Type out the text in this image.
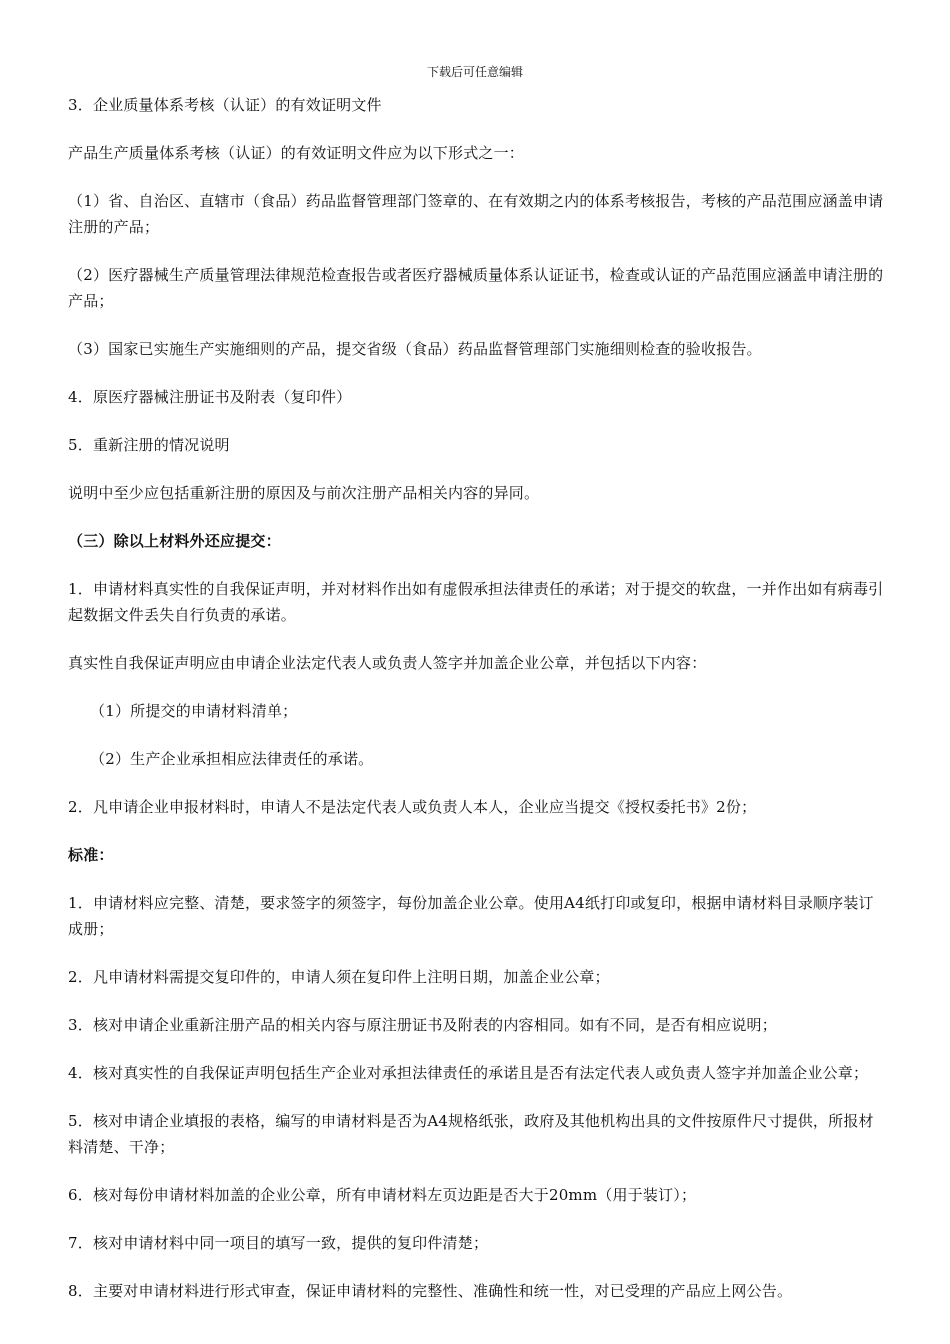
下载后可任意编辑

3．企业质量体系考核（认证）的有效证明文件

产品生产质量体系考核（认证）的有效证明文件应为以下形式之一：

（1）省、自治区、直辖市（食品）药品监督管理部门签章的、在有效期之内的体系考核报告，考核的产品范围应涵盖申请注册的产品；

（2）医疗器械生产质量管理法律规范检查报告或者医疗器械质量体系认证证书，检查或认证的产品范围应涵盖申请注册的产品；

（3）国家已实施生产实施细则的产品，提交省级（食品）药品监督管理部门实施细则检查的验收报告。

4．原医疗器械注册证书及附表（复印件）

5．重新注册的情况说明

说明中至少应包括重新注册的原因及与前次注册产品相关内容的异同。

（三）除以上材料外还应提交：

1．申请材料真实性的自我保证声明，并对材料作出如有虚假承担法律责任的承诺；对于提交的软盘，一并作出如有病毒引起数据文件丢失自行负责的承诺。

真实性自我保证声明应由申请企业法定代表人或负责人签字并加盖企业公章，并包括以下内容：

（1）所提交的申请材料清单；

（2）生产企业承担相应法律责任的承诺。

2．凡申请企业申报材料时，申请人不是法定代表人或负责人本人，企业应当提交《授权委托书》2份；

标准：

1．申请材料应完整、清楚，要求签字的须签字，每份加盖企业公章。使用A4纸打印或复印，根据申请材料目录顺序装订成册；

2．凡申请材料需提交复印件的，申请人须在复印件上注明日期，加盖企业公章；

3．核对申请企业重新注册产品的相关内容与原注册证书及附表的内容相同。如有不同，是否有相应说明；

4．核对真实性的自我保证声明包括生产企业对承担法律责任的承诺且是否有法定代表人或负责人签字并加盖企业公章；

5．核对申请企业填报的表格，编写的申请材料是否为A4规格纸张，政府及其他机构出具的文件按原件尺寸提供，所报材料清楚、干净；

6．核对每份申请材料加盖的企业公章，所有申请材料左页边距是否大于20mm（用于装订）；

7．核对申请材料中同一项目的填写一致，提供的复印件清楚；

8．主要对申请材料进行形式审查，保证申请材料的完整性、准确性和统一性，对已受理的产品应上网公告。
